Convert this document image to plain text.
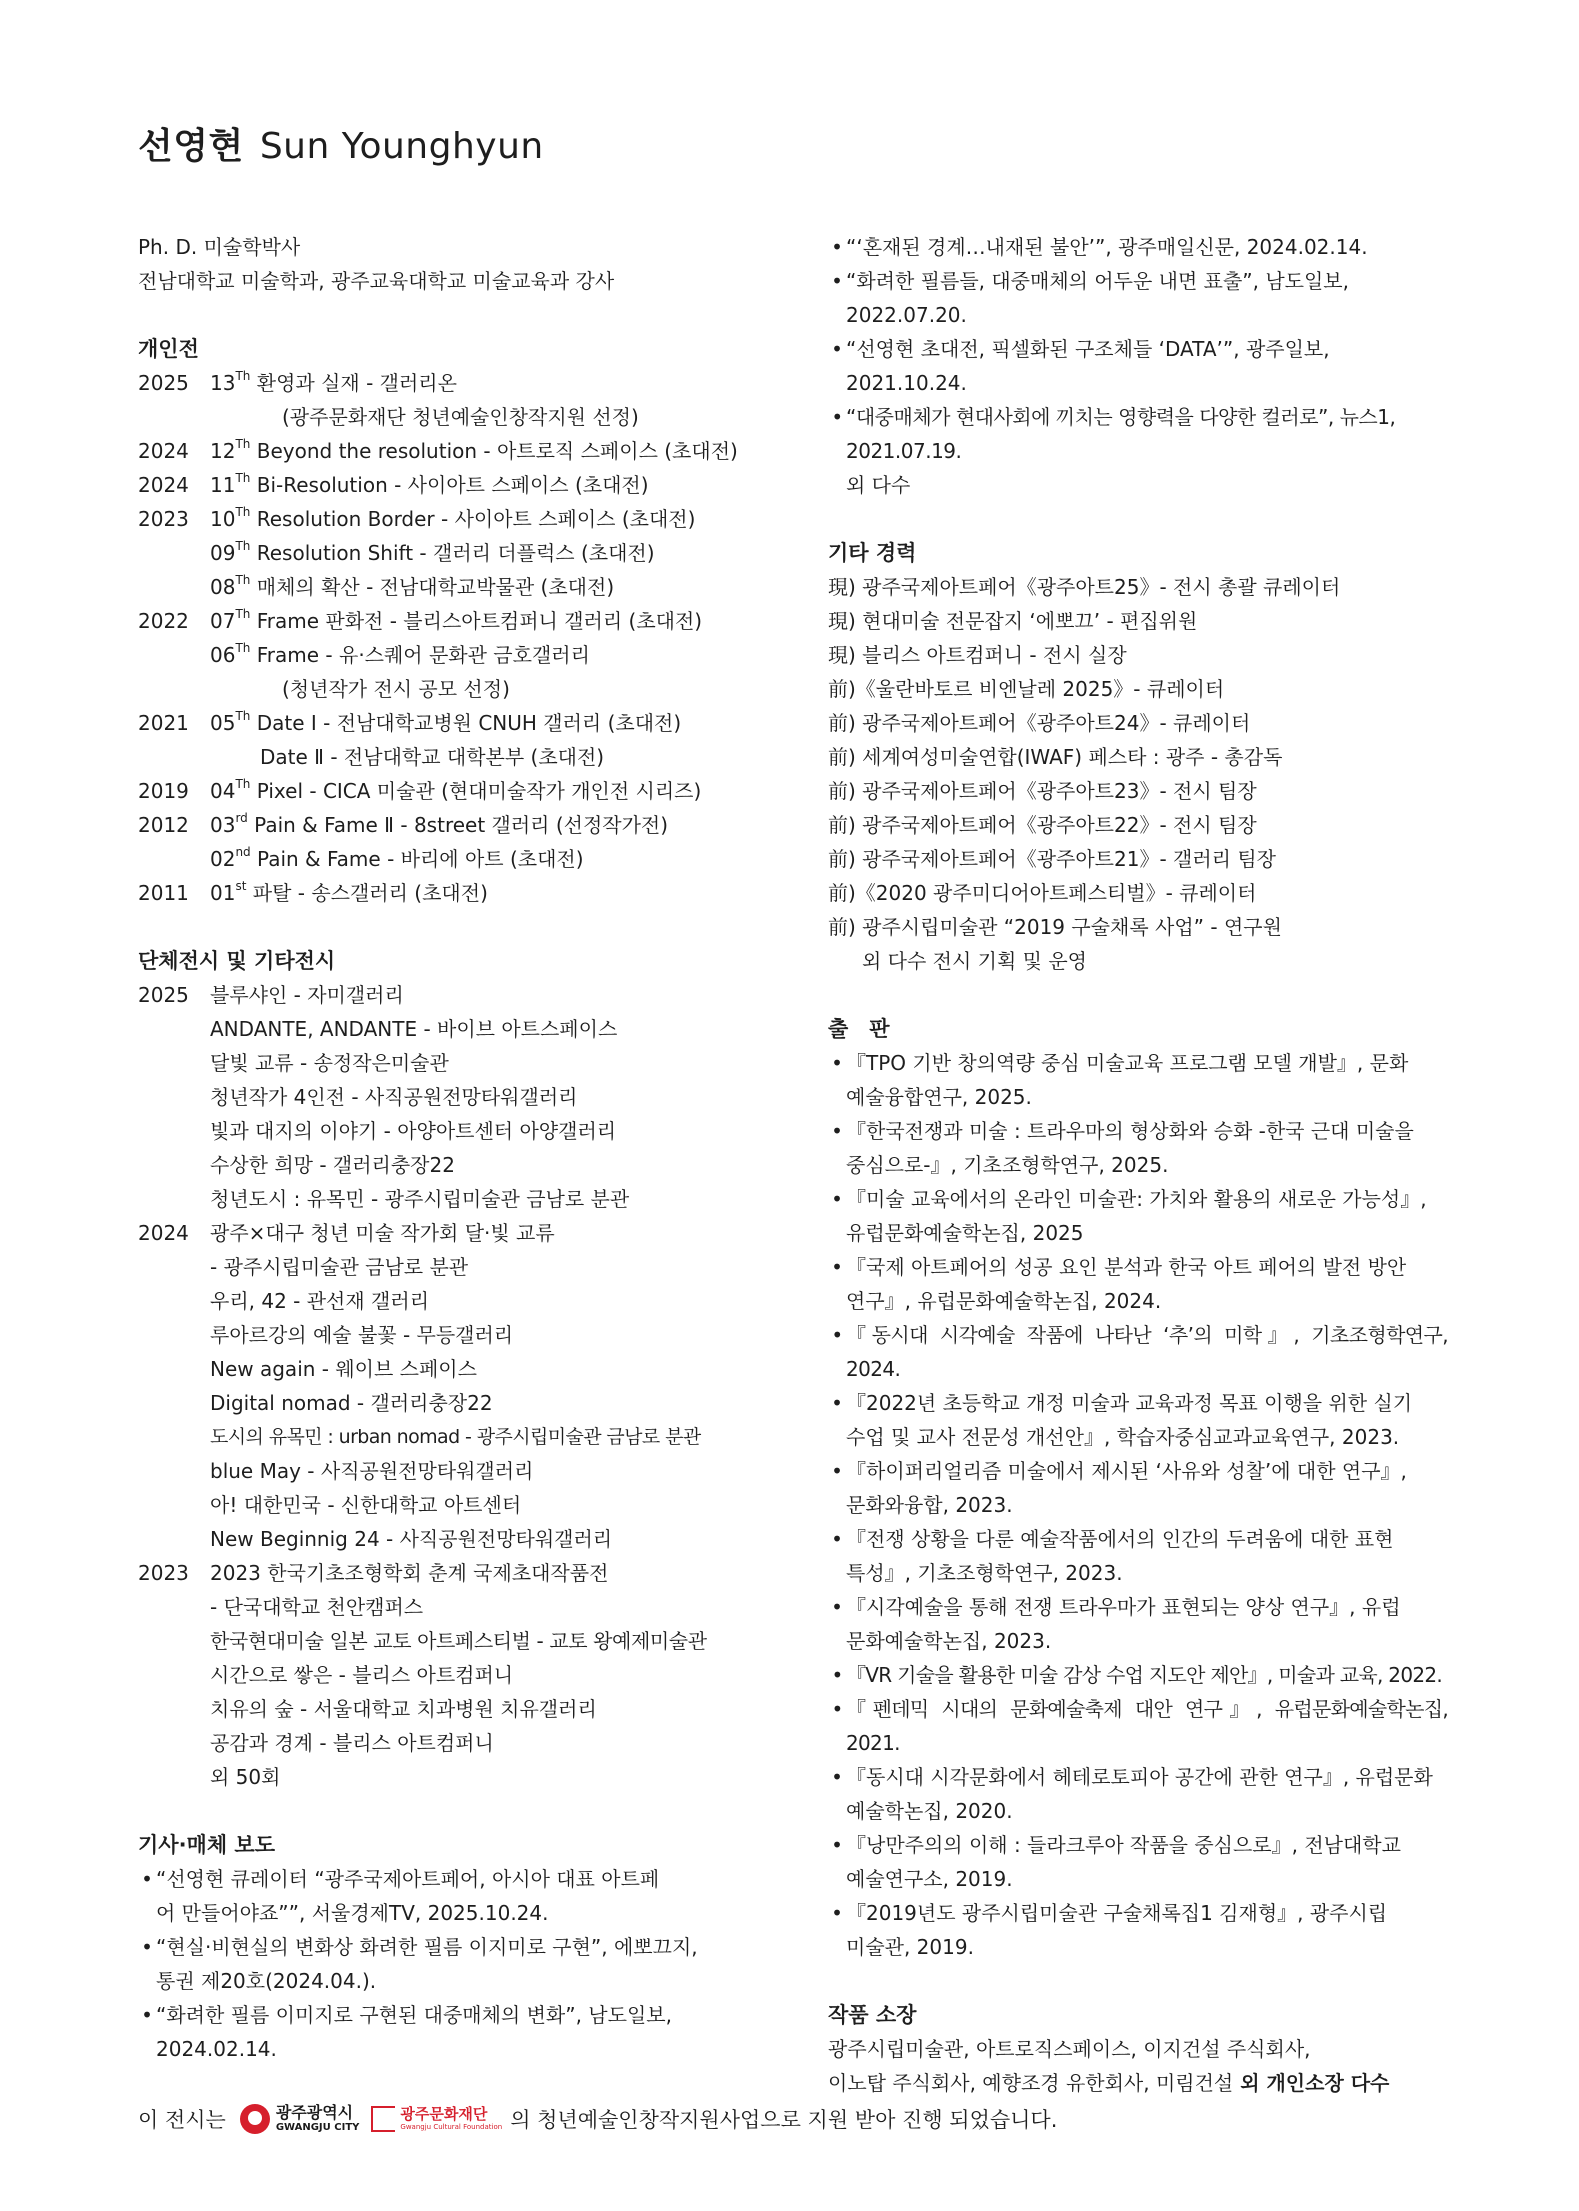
선영현 Sun Younghyun
Ph. D. 미술학박사
전남대학교 미술학과, 광주교육대학교 미술교육과 강사
개인전
2025 13Th 환영과 실재 - 갤러리온
(광주문화재단 청년예술인창작지원 선정)
2024 12Th Beyond the resolution - 아트로직 스페이스 (초대전)
2024 11Th Bi-Resolution - 사이아트 스페이스 (초대전)
2023 10Th Resolution Border - 사이아트 스페이스 (초대전)
09Th Resolution Shift - 갤러리 더플럭스 (초대전)
08Th 매체의 확산 - 전남대학교박물관 (초대전)
2022 07Th Frame 판화전 - 블리스아트컴퍼니 갤러리 (초대전)
06Th Frame - 유·스퀘어 문화관 금호갤러리
(청년작가 전시 공모 선정)
2021 05Th Date Ⅰ - 전남대학교병원 CNUH 갤러리 (초대전)
Date Ⅱ - 전남대학교 대학본부 (초대전)
2019 04Th Pixel - CICA 미술관 (현대미술작가 개인전 시리즈)
2012 03rd Pain & Fame Ⅱ - 8street 갤러리 (선정작가전)
02nd Pain & Fame - 바리에 아트 (초대전)
2011 01st 파탈 - 송스갤러리 (초대전)
단체전시 및 기타전시
2025 블루샤인 - 자미갤러리
ANDANTE, ANDANTE - 바이브 아트스페이스
달빛 교류 - 송정작은미술관
청년작가 4인전 - 사직공원전망타워갤러리
빛과 대지의 이야기 - 아양아트센터 아양갤러리
수상한 희망 - 갤러리충장22
청년도시 : 유목민 - 광주시립미술관 금남로 분관
2024 광주×대구 청년 미술 작가회 달·빛 교류
- 광주시립미술관 금남로 분관
우리, 42 - 관선재 갤러리
루아르강의 예술 불꽃 - 무등갤러리
New again - 웨이브 스페이스
Digital nomad - 갤러리충장22
도시의 유목민 : urban nomad - 광주시립미술관 금남로 분관
blue May - 사직공원전망타워갤러리
아! 대한민국 - 신한대학교 아트센터
New Beginnig 24 - 사직공원전망타워갤러리
2023 2023 한국기초조형학회 춘계 국제초대작품전
- 단국대학교 천안캠퍼스
한국현대미술 일본 교토 아트페스티벌 - 교토 왕예제미술관
시간으로 쌓은 - 블리스 아트컴퍼니
치유의 숲 - 서울대학교 치과병원 치유갤러리
공감과 경계 - 블리스 아트컴퍼니
외 50회
기사·매체 보도
• “선영현 큐레이터 “광주국제아트페어, 아시아 대표 아트페
어 만들어야죠””, 서울경제TV, 2025.10.24.
• “현실·비현실의 변화상 화려한 필름 이지미로 구현”, 에뽀끄지,
통권 제20호(2024.04.).
• “화려한 필름 이미지로 구현된 대중매체의 변화”, 남도일보,
2024.02.14.
• “‘혼재된 경계…내재된 불안’”, 광주매일신문, 2024.02.14.
• “화려한 필름들, 대중매체의 어두운 내면 표출”, 남도일보,
2022.07.20.
• “선영현 초대전, 픽셀화된 구조체들 ‘DATA’”, 광주일보,
2021.10.24.
• “대중매체가 현대사회에 끼치는 영향력을 다양한 컬러로”, 뉴스1,
2021.07.19.
외 다수
기타 경력
現) 광주국제아트페어《광주아트25》- 전시 총괄 큐레이터
現) 현대미술 전문잡지 ‘에뽀끄’ - 편집위원
現) 블리스 아트컴퍼니 - 전시 실장
前)《울란바토르 비엔날레 2025》- 큐레이터
前) 광주국제아트페어《광주아트24》- 큐레이터
前) 세계여성미술연합(IWAF) 페스타 : 광주 - 총감독
前) 광주국제아트페어《광주아트23》- 전시 팀장
前) 광주국제아트페어《광주아트22》- 전시 팀장
前) 광주국제아트페어《광주아트21》- 갤러리 팀장
前)《2020 광주미디어아트페스티벌》- 큐레이터
前) 광주시립미술관 “2019 구술채록 사업” - 연구원
외 다수 전시 기획 및 운영
출　판
• 『TPO 기반 창의역량 중심 미술교육 프로그램 모델 개발』, 문화
예술융합연구, 2025.
• 『한국전쟁과 미술 : 트라우마의 형상화와 승화 -한국 근대 미술을
중심으로-』, 기초조형학연구, 2025.
• 『미술 교육에서의 온라인 미술관: 가치와 활용의 새로운 가능성』,
유럽문화예술학논집, 2025
• 『국제 아트페어의 성공 요인 분석과 한국 아트 페어의 발전 방안
연구』, 유럽문화예술학논집, 2024.
• 『동시대 시각예술 작품에 나타난 ‘추’의 미학』, 기초조형학연구, 2024.
• 『2022년 초등학교 개정 미술과 교육과정 목표 이행을 위한 실기
수업 및 교사 전문성 개선안』, 학습자중심교과교육연구, 2023.
• 『하이퍼리얼리즘 미술에서 제시된 ‘사유와 성찰’에 대한 연구』,
문화와융합, 2023.
• 『전쟁 상황을 다룬 예술작품에서의 인간의 두려움에 대한 표현
특성』, 기초조형학연구, 2023.
• 『시각예술을 통해 전쟁 트라우마가 표현되는 양상 연구』, 유럽
문화예술학논집, 2023.
• 『VR 기술을 활용한 미술 감상 수업 지도안 제안』, 미술과 교육, 2022.
• 『펜데믹 시대의 문화예술축제 대안 연구』, 유럽문화예술학논집, 2021.
• 『동시대 시각문화에서 헤테로토피아 공간에 관한 연구』, 유럽문화
예술학논집, 2020.
• 『낭만주의의 이해 : 들라크루아 작품을 중심으로』, 전남대학교
예술연구소, 2019.
• 『2019년도 광주시립미술관 구술채록집1 김재형』, 광주시립
미술관, 2019.
작품 소장
광주시립미술관, 아트로직스페이스, 이지건설 주식회사,
이노탑 주식회사, 예향조경 유한회사, 미림건설 외 개인소장 다수
이 전시는	광주광역시
GWANGJU CITY
광주문화재단
Gwangju Cultural Foundation 의 청년예술인창작지원사업으로 지원 받아 진행 되었습니다.
